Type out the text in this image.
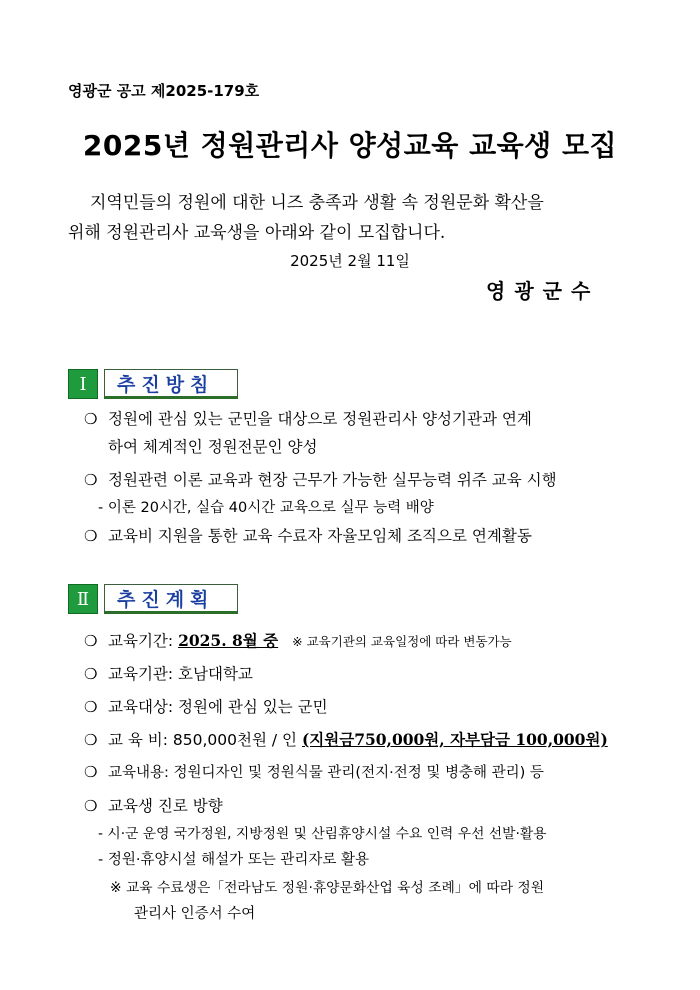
영광군 공고 제2025-179호
2025년 정원관리사 양성교육 교육생 모집
지역민들의 정원에 대한 니즈 충족과 생활 속 정원문화 확산을
위해 정원관리사 교육생을 아래와 같이 모집합니다.
2025년 2월 11일
영광군수
Ⅰ	추진방침
❍ 정원에 관심 있는 군민을 대상으로 정원관리사 양성기관과 연계
하여 체계적인 정원전문인 양성
❍ 정원관련 이론 교육과 현장 근무가 가능한 실무능력 위주 교육 시행
- 이론 20시간, 실습 40시간 교육으로 실무 능력 배양
❍ 교육비 지원을 통한 교육 수료자 자율모임체 조직으로 연계활동
Ⅱ	추진계획
❍ 교육기간: 2025. 8월 중 ※ 교육기관의 교육일정에 따라 변동가능
❍ 교육기관: 호남대학교
❍ 교육대상: 정원에 관심 있는 군민
❍ 교 육 비: 850,000천원 / 인 (지원금750,000원, 자부담금 100,000원)
❍ 교육내용: 정원디자인 및 정원식물 관리(전지·전정 및 병충해 관리) 등
❍ 교육생 진로 방향
- 시·군 운영 국가정원, 지방정원 및 산림휴양시설 수요 인력 우선 선발·활용
- 정원·휴양시설 해설가 또는 관리자로 활용
※ 교육 수료생은「전라남도 정원·휴양문화산업 육성 조례」에 따라 정원
관리사 인증서 수여
